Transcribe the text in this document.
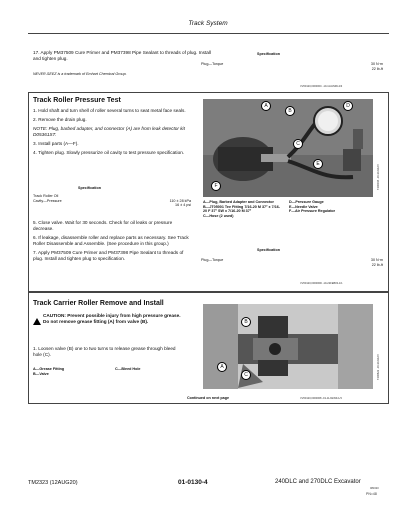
Track System
17. Apply PM37509 Cure Primer and PM37398 Pipe Sealant to threads of plug. Install and tighten plug.
NEVER-SEEZ is a trademark of Emhart Chemical Group.
Specification
Plug—Torque	30 N·m
22 lb-ft
VV00120,000000C -19-11JAN99-2/3
Track Roller Pressure Test
1. Hold shaft and turn shell of roller several turns to seat metal face seals.
2. Remove the drain plug.
NOTE: Plug, barbed adapter, and connector (A) are from leak detector kit D05361ST.
3. Install parts (A—F).
4. Tighten plug. Slowly pressurize oil cavity to test pressure specification.
Specification
Track Roller Oil
Cavity—Pressure	110 ± 28 kPa
16 ± 4 psi
5. Close valve. Wait for 30 seconds. Check for oil leaks or pressure decrease.
6. If leakage, disassemble roller and replace parts as necessary. See Track Roller Disassemble and Assemble. (See procedure in this group.)
7. Apply PM37509 Cure Primer and PM37398 Pipe Sealant to threads of plug. Install and tighten plug to specification.
A
B
C
D
E
F	T206035 -19-30JUL97
A—Plug, Barbed Adapter and Connector
B—JT05001 Tee Fitting 7/16-20 M 37° x 7/16-20 F 37° SW x 7/16-20 M 37°
C—Hose (2 used)
D—Pressure Gauge
E—Needle Valve
F—Air Pressure Regulator
Specification
Plug—Torque	30 N·m
22 lb-ft
VV00120,000000D -19-22FEB03-1/1
Track Carrier Roller Remove and Install
CAUTION: Prevent possible injury from high pressure grease. Do not remove grease fitting (A) from valve (B).
1. Loosen valve (B) one to two turns to release grease through bleed hole (C).
A—Grease Fitting
B—Valve
C—Bleed Hole
Continued on next page	VV00120,0000008 -19-11JAN99-1/3
B
A
C	T206622 -19-30JUL97
TM2323 (12AUG20)	01-0130-4	240DLC and 270DLC Excavator
081620
PN=48
